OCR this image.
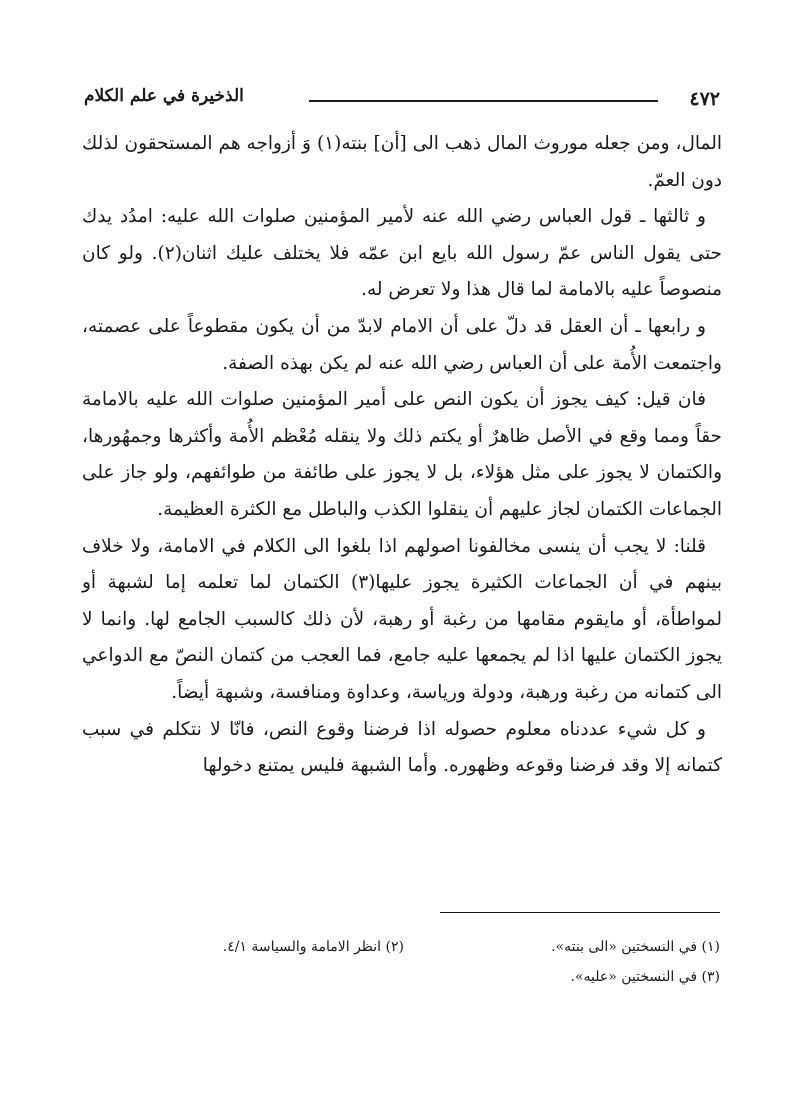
٤٧٢
الذخيرة في علم الكلام

المال، ومن جعله موروث المال ذهب الى [أن] بنته(١) وَ أزواجه هم المستحقون لذلك دون العمّ.

و ثالثها ـ قول العباس رضي الله عنه لأمير المؤمنين صلوات الله عليه: امدُد يدك حتى يقول الناس عمّ رسول الله بايع ابن عمّه فلا يختلف عليك اثنان(٢). ولو كان منصوصاً عليه بالامامة لما قال هذا ولا تعرض له.

و رابعها ـ أن العقل قد دلّ على أن الامام لابدّ من أن يكون مقطوعاً على عصمته، واجتمعت الأُمة على أن العباس رضي الله عنه لم يكن بهذه الصفة.

فان قيل: كيف يجوز أن يكون النص على أمير المؤمنين صلوات الله عليه بالامامة حقاً ومما وقع في الأصل ظاهرٌ أو يكتم ذلك ولا ينقله مُعْظم الأُمة وأكثرها وجمهُورها، والكتمان لا يجوز على مثل هؤلاء، بل لا يجوز على طائفة من طوائفهم، ولو جاز على الجماعات الكتمان لجاز عليهم أن ينقلوا الكذب والباطل مع الكثرة العظيمة.

قلنا: لا يجب أن ينسى مخالفونا اصولهم اذا بلغوا الى الكلام في الامامة، ولا خلاف بينهم في أن الجماعات الكثيرة يجوز عليها(٣) الكتمان لما تعلمه إما لشبهة أو لمواطأة، أو مايقوم مقامها من رغبة أو رهبة، لأن ذلك كالسبب الجامع لها. وانما لا يجوز الكتمان عليها اذا لم يجمعها عليه جامع، فما العجب من كتمان النصّ مع الدواعي الى كتمانه من رغبة ورهبة، ودولة ورياسة، وعداوة ومنافسة، وشبهة أيضاً.

و كل شيء عددناه معلوم حصوله اذا فرضنا وقوع النص، فانّا لا نتكلم في سبب كتمانه إلا وقد فرضنا وقوعه وظهوره. وأما الشبهة فليس يمتنع دخولها

(١) في النسختين «الى بنته».
(٢) انظر الامامة والسياسة ٤/١.
(٣) في النسختين «عليه».
